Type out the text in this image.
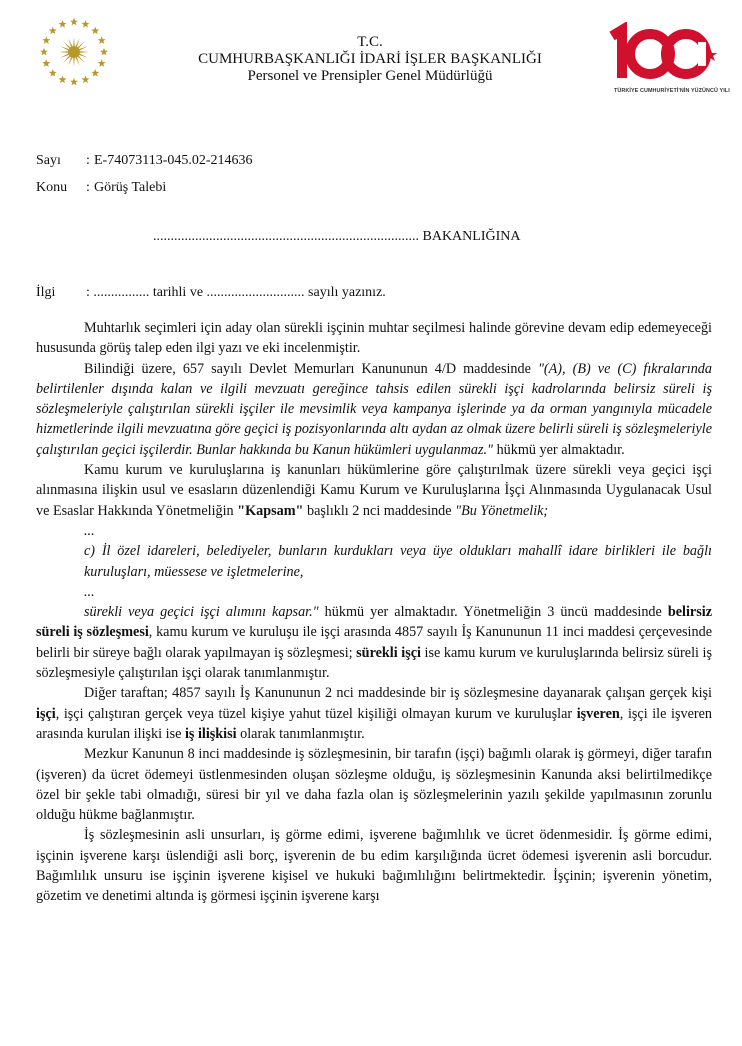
T.C.
CUMHURBAŞKANLIĞI İDARİ İŞLER BAŞKANLIĞI
Personel ve Prensipler Genel Müdürlüğü
TÜRKİYE CUMHURİYETİ'NİN YÜZÜNCÜ YILI
Sayı : E-74073113-045.02-214636
Konu : Görüş Talebi
............................................................................ BAKANLIĞINA
İlgi : ................ tarihli ve ............................ sayılı yazınız.

Muhtarlık seçimleri için aday olan sürekli işçinin muhtar seçilmesi halinde görevine devam edip edemeyeceği hususunda görüş talep eden ilgi yazı ve eki incelenmiştir.

Bilindiği üzere, 657 sayılı Devlet Memurları Kanununun 4/D maddesinde "(A), (B) ve (C) fıkralarında belirtilenler dışında kalan ve ilgili mevzuatı gereğince tahsis edilen sürekli işçi kadrolarında belirsiz süreli iş sözleşmeleriyle çalıştırılan sürekli işçiler ile mevsimlik veya kampanya işlerinde ya da orman yangınıyla mücadele hizmetlerinde ilgili mevzuatına göre geçici iş pozisyonlarında altı aydan az olmak üzere belirli süreli iş sözleşmeleriyle çalıştırılan geçici işçilerdir. Bunlar hakkında bu Kanun hükümleri uygulanmaz." hükmü yer almaktadır.

Kamu kurum ve kuruluşlarına iş kanunları hükümlerine göre çalıştırılmak üzere sürekli veya geçici işçi alınmasına ilişkin usul ve esasların düzenlendiği Kamu Kurum ve Kuruluşlarına İşçi Alınmasında Uygulanacak Usul ve Esaslar Hakkında Yönetmeliğin "Kapsam" başlıklı 2 nci maddesinde "Bu Yönetmelik;

...

c) İl özel idareleri, belediyeler, bunların kurdukları veya üye oldukları mahallî idare birlikleri ile bağlı kuruluşları, müessese ve işletmelerine,

...

sürekli veya geçici işçi alımını kapsar." hükmü yer almaktadır. Yönetmeliğin 3 üncü maddesinde belirsiz süreli iş sözleşmesi, kamu kurum ve kuruluşu ile işçi arasında 4857 sayılı İş Kanununun 11 inci maddesi çerçevesinde belirli bir süreye bağlı olarak yapılmayan iş sözleşmesi; sürekli işçi ise kamu kurum ve kuruluşlarında belirsiz süreli iş sözleşmesiyle çalıştırılan işçi olarak tanımlanmıştır.

Diğer taraftan; 4857 sayılı İş Kanununun 2 nci maddesinde bir iş sözleşmesine dayanarak çalışan gerçek kişi işçi, işçi çalıştıran gerçek veya tüzel kişiye yahut tüzel kişiliği olmayan kurum ve kuruluşlar işveren, işçi ile işveren arasında kurulan ilişki ise iş ilişkisi olarak tanımlanmıştır.

Mezkur Kanunun 8 inci maddesinde iş sözleşmesinin, bir tarafın (işçi) bağımlı olarak iş görmeyi, diğer tarafın (işveren) da ücret ödemeyi üstlenmesinden oluşan sözleşme olduğu, iş sözleşmesinin Kanunda aksi belirtilmedikçe özel bir şekle tabi olmadığı, süresi bir yıl ve daha fazla olan iş sözleşmelerinin yazılı şekilde yapılmasının zorunlu olduğu hükme bağlanmıştır.

İş sözleşmesinin asli unsurları, iş görme edimi, işverene bağımlılık ve ücret ödenmesidir. İş görme edimi, işçinin işverene karşı üslendiği asli borç, işverenin de bu edim karşılığında ücret ödemesi işverenin asli borcudur. Bağımlılık unsuru ise işçinin işverene kişisel ve hukuki bağımlılığını belirtmektedir. İşçinin; işverenin yönetim, gözetim ve denetimi altında iş görmesi işçinin işverene karşı
